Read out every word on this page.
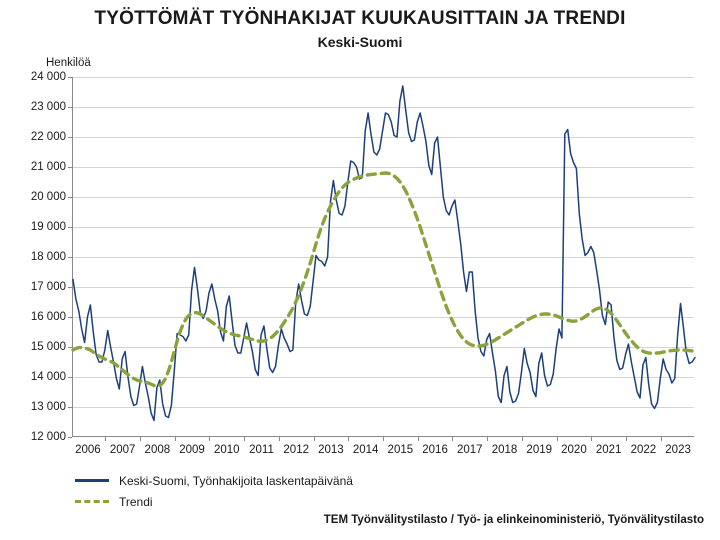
TYÖTTÖMÄT TYÖNHAKIJAT KUUKAUSITTAIN JA TRENDI
Keski-Suomi
Henkilöä
12 000
13 000
14 000
15 000
16 000
17 000
18 000
19 000
20 000
21 000
22 000
23 000
24 000
2006 2007 2008 2009 2010 2011 2012 2013 2014 2015 2016 2017 2018 2019 2020 2021 2022 2023
Keski-Suomi, Työnhakijoita laskentapäivänä
Trendi
TEM Työnvälitystilasto / Työ- ja elinkeinoministeriö, Työnvälitystilasto
